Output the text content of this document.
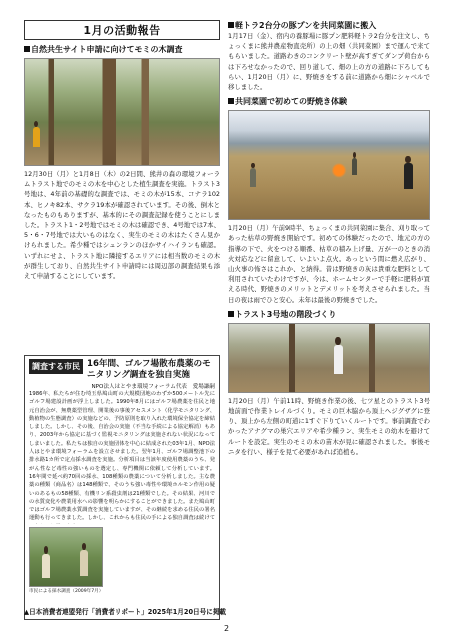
1月の活動報告
自然共生サイト申請に向けてモミの木調査
12月30日（月）と1月8日（木）の2日間、熊井の森の環境フォーラムトラスト地でのモミの木を中心とした植生調査を実施。トラスト3号地は、4年前の基礎的な調査では、モミの木が15本、コナラ102本、ヒノキ82本、サクラ19本が確認されています。その後、倒木となったものもありますが、基本的にその調査記録を使うことにしました。トラスト1・2号地ではモミの木は確認でき、4号地では7本、5・6・7号地では大いものはなく、実生のモミの木はたくさん見かけられました。希少種ではシュンランのほかサイハイランも確認。いずれにせよ、トラスト地に隣接するエリアには相当数のモミの木が群生しており、自然共生サイト申請時には周辺部の調査結果も添えて申請することにしています。
調査する市民 16年間、ゴルフ場散布農薬のモニタリング調査を独自実施
NPO法人はとやま環境フォーラム代表　愛場謙嗣
1986年、私たちが住む埼玉県鳩山町の大規模団地のわずか500メートル先にゴルフ場建設計画が浮上しました。1990年8月にはゴルフ場農薬を住民と地元自治会が、無農薬型管理、開業後の事後アセスメント（化学モニタリング、動植物の生態調査）の実施などの、予防原則を取り入れた環境保全協定を締結しました。しかし、その後、自治会の実施（不当な手続による協定解消）もあり、2003年から協定に基づく監視モニタリングは実施されない状況になってしまいました。私たちは独自の実施団体を中心に結成された03年1月、NPO法人はとやま環境フォーラムを設立させました。翌年1月、ゴルフ場調整池下の排水路1カ所で定点採水調査を実施。分析項目は当該年度使用農薬のうち、発がん性など毒性の強いものを選定し、専門機関に依頼して分析しています。16年間で延べ約70回の採水、108種類の農薬について分析しました。主な農薬の種類（商品名）は148種類で、そのうち強い毒性や環境ホルモン作用の疑いのあるもの58種類、有機リン系殺虫剤は21種類でした。その結果、河川での水質変化や農業用水への影響を明らかにすることができました。また鳩山町ではゴルフ場農薬水質調査を実施していますが、その継続を求める住民の署名運動も行ってきました。しかし、これからも住民の手による独自調査は続けて
市民による採水調査（2009年7月）
▲日本消費者連盟発行「消費者リポート」2025年1月20日号に掲載
軽トラ2台分の豚プンを共同菜園に搬入
1月17日（金）、宿内の養豚場に豚プン肥料軽トラ2台分を注文し、ちょっくまに熊井農産物直売所）の上の畑（共同菜園）まで運んで来てもらいました。道路わきのコンクリート壁が高すぎてダンプ荷台からは下ろせなかったので、回り道して、畑の上の方の道路に下ろしてもらい、1月20日（月）に、野焼きをする前に道路から畑にシャベルで移しました。
共同菜園で初めての野焼き体験
1月20日（月）午前9時半、ちょっくまの共同菜園に集合、刈り取ってあった枯草の野焼き開始です。初めての体験だったので、地元の方の指導の下で、火をつける順番、枯草の積み上げ量、万が一のときの消火対応などに留意して、いよいよ点火。あっという間に燃え広がり、山火事の怖さはこれか、と納得。昔は野焼きの灰は貴重な肥料として利用されていたわけですが、今は、ホームセンターで手軽に肥料が買える時代、野焼きのメリットとデメリットを考えさせられました。当日の夜は雨でひと安心。未年は最後の野焼きでした。
トラスト3号地の階段づくり
1月20日（月）午前11時、野焼き作業の後、七ツ星とのトラスト3号地前面で作業トレイルづくり。モミの巨木脇から頂上へジグザグに登り、頂上から左側の町道に1すぐ下りていくルートです。事前調査でわかったアナグマの巣穴エリアや希少種ラン、実生モミの幼木を避けてルートを設定。実生のモミの木の苗木が見に確認されました。事後モニタを行い、様子を見て必要があれば追植も。
2
